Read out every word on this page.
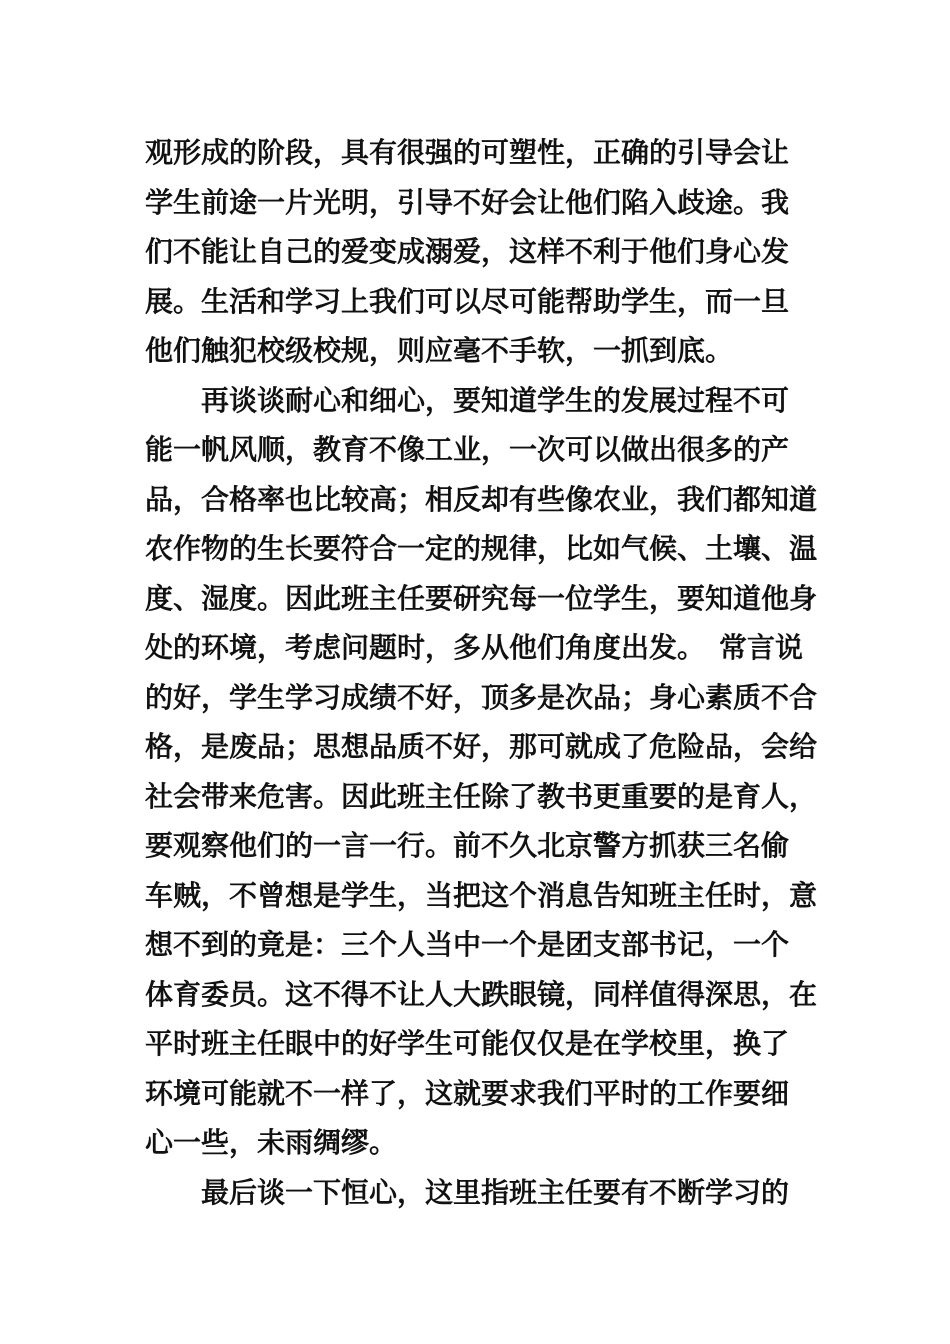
观形成的阶段，具有很强的可塑性，正确的引导会让
学生前途一片光明，引导不好会让他们陷入歧途。我
们不能让自己的爱变成溺爱，这样不利于他们身心发
展。生活和学习上我们可以尽可能帮助学生，而一旦
他们触犯校级校规，则应毫不手软，一抓到底。
　　再谈谈耐心和细心，要知道学生的发展过程不可
能一帆风顺，教育不像工业，一次可以做出很多的产
品，合格率也比较高；相反却有些像农业，我们都知道
农作物的生长要符合一定的规律，比如气候、土壤、温
度、湿度。因此班主任要研究每一位学生，要知道他身
处的环境，考虑问题时，多从他们角度出发。　常言说
的好，学生学习成绩不好，顶多是次品；身心素质不合
格，是废品；思想品质不好，那可就成了危险品，会给
社会带来危害。因此班主任除了教书更重要的是育人，
要观察他们的一言一行。前不久北京警方抓获三名偷
车贼，不曾想是学生，当把这个消息告知班主任时，意
想不到的竟是：三个人当中一个是团支部书记，一个
体育委员。这不得不让人大跌眼镜，同样值得深思，在
平时班主任眼中的好学生可能仅仅是在学校里，换了
环境可能就不一样了，这就要求我们平时的工作要细
心一些，未雨绸缪。
　　最后谈一下恒心，这里指班主任要有不断学习的
